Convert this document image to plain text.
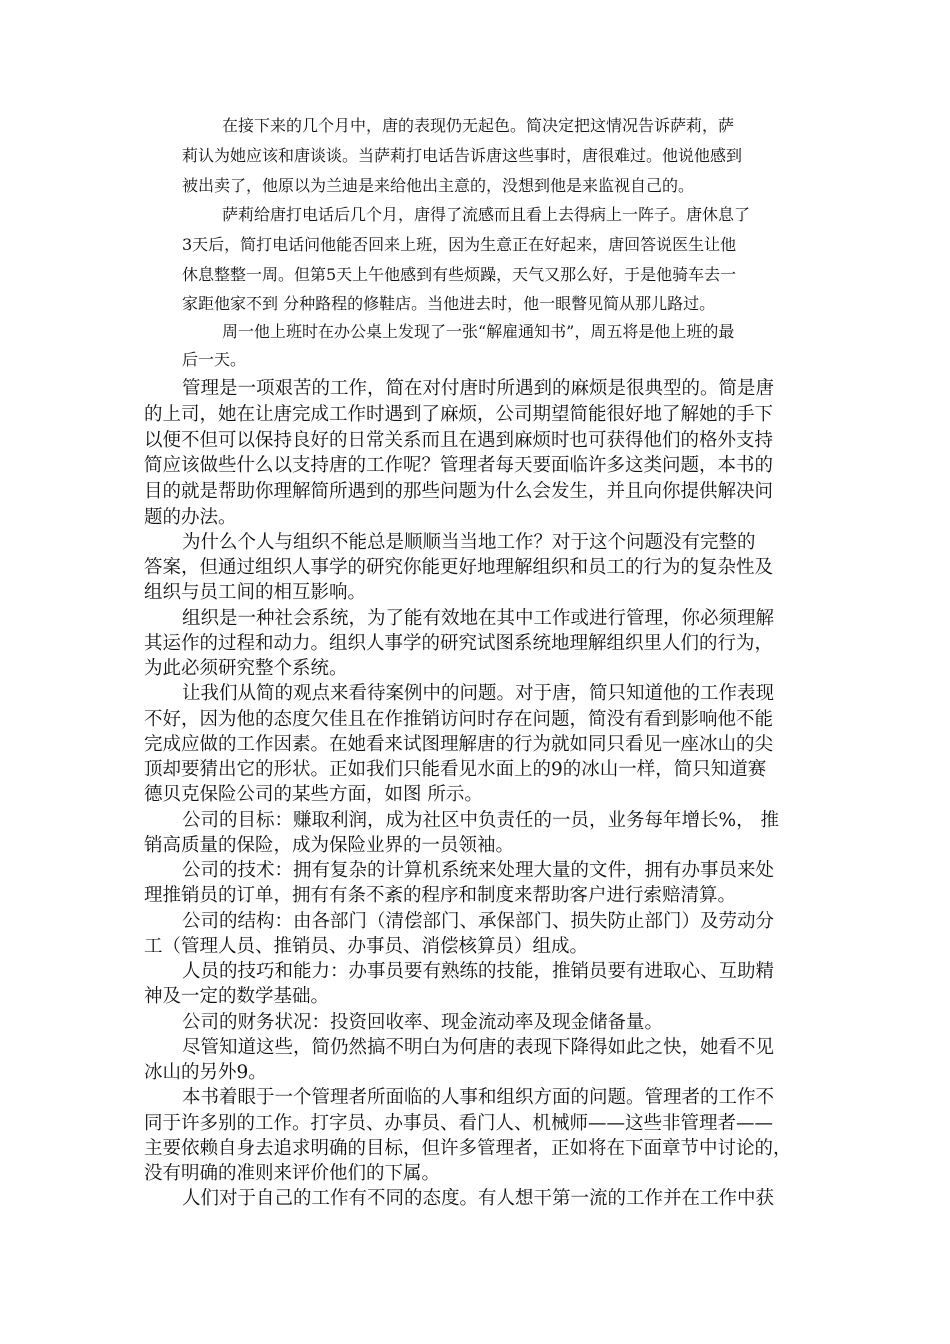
在接下来的几个月中，唐的表现仍无起色。简决定把这情况告诉萨莉，萨

莉认为她应该和唐谈谈。当萨莉打电话告诉唐这些事时，唐很难过。他说他感到

被出卖了，他原以为兰迪是来给他出主意的，没想到他是来监视自己的。

萨莉给唐打电话后几个月，唐得了流感而且看上去得病上一阵子。唐休息了

3天后，简打电话问他能否回来上班，因为生意正在好起来，唐回答说医生让他

休息整整一周。但第5天上午他感到有些烦躁，天气又那么好，于是他骑车去一

家距他家不到 分种路程的修鞋店。当他进去时，他一眼瞥见简从那儿路过。

周一他上班时在办公桌上发现了一张“解雇通知书”，周五将是他上班的最

后一天。

管理是一项艰苦的工作，简在对付唐时所遇到的麻烦是很典型的。简是唐

的上司，她在让唐完成工作时遇到了麻烦，公司期望简能很好地了解她的手下

以便不但可以保持良好的日常关系而且在遇到麻烦时也可获得他们的格外支持

简应该做些什么以支持唐的工作呢？管理者每天要面临许多这类问题，本书的

目的就是帮助你理解简所遇到的那些问题为什么会发生，并且向你提供解决问

题的办法。

为什么个人与组织不能总是顺顺当当地工作？对于这个问题没有完整的

答案，但通过组织人事学的研究你能更好地理解组织和员工的行为的复杂性及

组织与员工间的相互影响。

组织是一种社会系统，为了能有效地在其中工作或进行管理，你必须理解

其运作的过程和动力。组织人事学的研究试图系统地理解组织里人们的行为，

为此必须研究整个系统。

让我们从简的观点来看待案例中的问题。对于唐，简只知道他的工作表现

不好，因为他的态度欠佳且在作推销访问时存在问题，简没有看到影响他不能

完成应做的工作因素。在她看来试图理解唐的行为就如同只看见一座冰山的尖

顶却要猜出它的形状。正如我们只能看见水面上的9的冰山一样，简只知道赛

德贝克保险公司的某些方面，如图 所示。

公司的目标：赚取利润，成为社区中负责任的一员，业务每年增长%， 推

销高质量的保险，成为保险业界的一员领袖。

公司的技术：拥有复杂的计算机系统来处理大量的文件，拥有办事员来处

理推销员的订单，拥有有条不紊的程序和制度来帮助客户进行索赔清算。

公司的结构：由各部门（清偿部门、承保部门、损失防止部门）及劳动分

工（管理人员、推销员、办事员、消偿核算员）组成。

人员的技巧和能力：办事员要有熟练的技能，推销员要有进取心、互助精

神及一定的数学基础。

公司的财务状况：投资回收率、现金流动率及现金储备量。

尽管知道这些，简仍然搞不明白为何唐的表现下降得如此之快，她看不见

冰山的另外9。

本书着眼于一个管理者所面临的人事和组织方面的问题。管理者的工作不

同于许多别的工作。打字员、办事员、看门人、机械师——这些非管理者——

主要依赖自身去追求明确的目标，但许多管理者，正如将在下面章节中讨论的，

没有明确的准则来评价他们的下属。

人们对于自己的工作有不同的态度。有人想干第一流的工作并在工作中获
